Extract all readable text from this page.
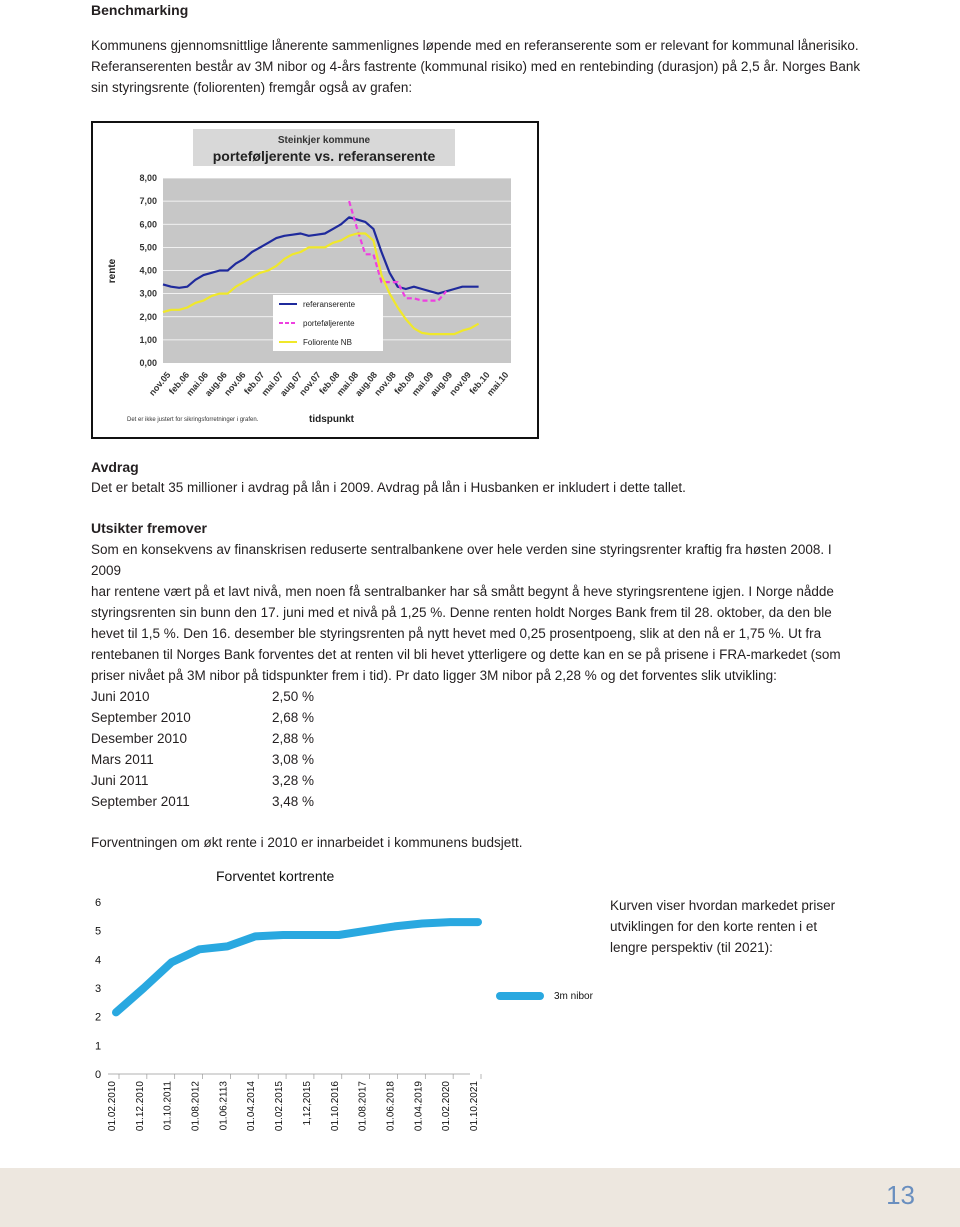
Benchmarking
Kommunens gjennomsnittlige lånerente sammenlignes løpende med en referanserente som er relevant for kommunal lånerisiko.
Referanserenten består av 3M nibor og 4-års fastrente (kommunal risiko) med en rentebinding (durasjon) på 2,5 år. Norges Bank
sin styringsrente (foliorenten) fremgår også av grafen:
Steinkjer kommune
porteføljerente vs. referanserente
0,00
1,00
2,00
3,00
4,00
5,00
6,00
7,00
8,00
rente
nov.05
feb.06
mai.06
aug.06
nov.06
feb.07
mai.07
aug.07
nov.07
feb.08
mai.08
aug.08
nov.08
feb.09
mai.09
aug.09
nov.09
feb.10
mai.10
Det er ikke justert for sikringsforretninger i grafen.	tidspunkt
referanserente
porteføljerente
Foliorente NB
Avdrag
Det er betalt 35 millioner i avdrag på lån i 2009. Avdrag på lån i Husbanken er inkludert i dette tallet.
Utsikter fremover
Som en konsekvens av finanskrisen reduserte sentralbankene over hele verden sine styringsrenter kraftig fra høsten 2008. I 2009
har rentene vært på et lavt nivå, men noen få sentralbanker har så smått begynt å heve styringsrentene igjen. I Norge nådde
styringsrenten sin bunn den 17. juni med et nivå på 1,25 %. Denne renten holdt Norges Bank frem til 28. oktober, da den ble
hevet til 1,5 %. Den 16. desember ble styringsrenten på nytt hevet med 0,25 prosentpoeng, slik at den nå er 1,75 %. Ut fra
rentebanen til Norges Bank forventes det at renten vil bli hevet ytterligere og dette kan en se på prisene i FRA-markedet (som
priser nivået på 3M nibor på tidspunkter frem i tid). Pr dato ligger 3M nibor på 2,28 % og det forventes slik utvikling:
Juni 2010	2,50 %
September 2010	2,68 %
Desember 2010	2,88 %
Mars 2011	3,08 %
Juni 2011	3,28 %
September 2011	3,48 %
Forventningen om økt rente i 2010 er innarbeidet i kommunens budsjett.
Forventet kortrente
0
1
2
3
4
5
6
01.02.2010 01.12.2010 01.10.2011 01.08.2012 01.06.2113 01.04.2014 01.02.2015 1,12,2015 01.10.2016 01.08.2017 01.06.2018 01.04.2019 01.02.2020 01.10.2021
3m nibor
Kurven viser hvordan markedet priser utviklingen for den korte renten i et lengre perspektiv (til 2021):
13
